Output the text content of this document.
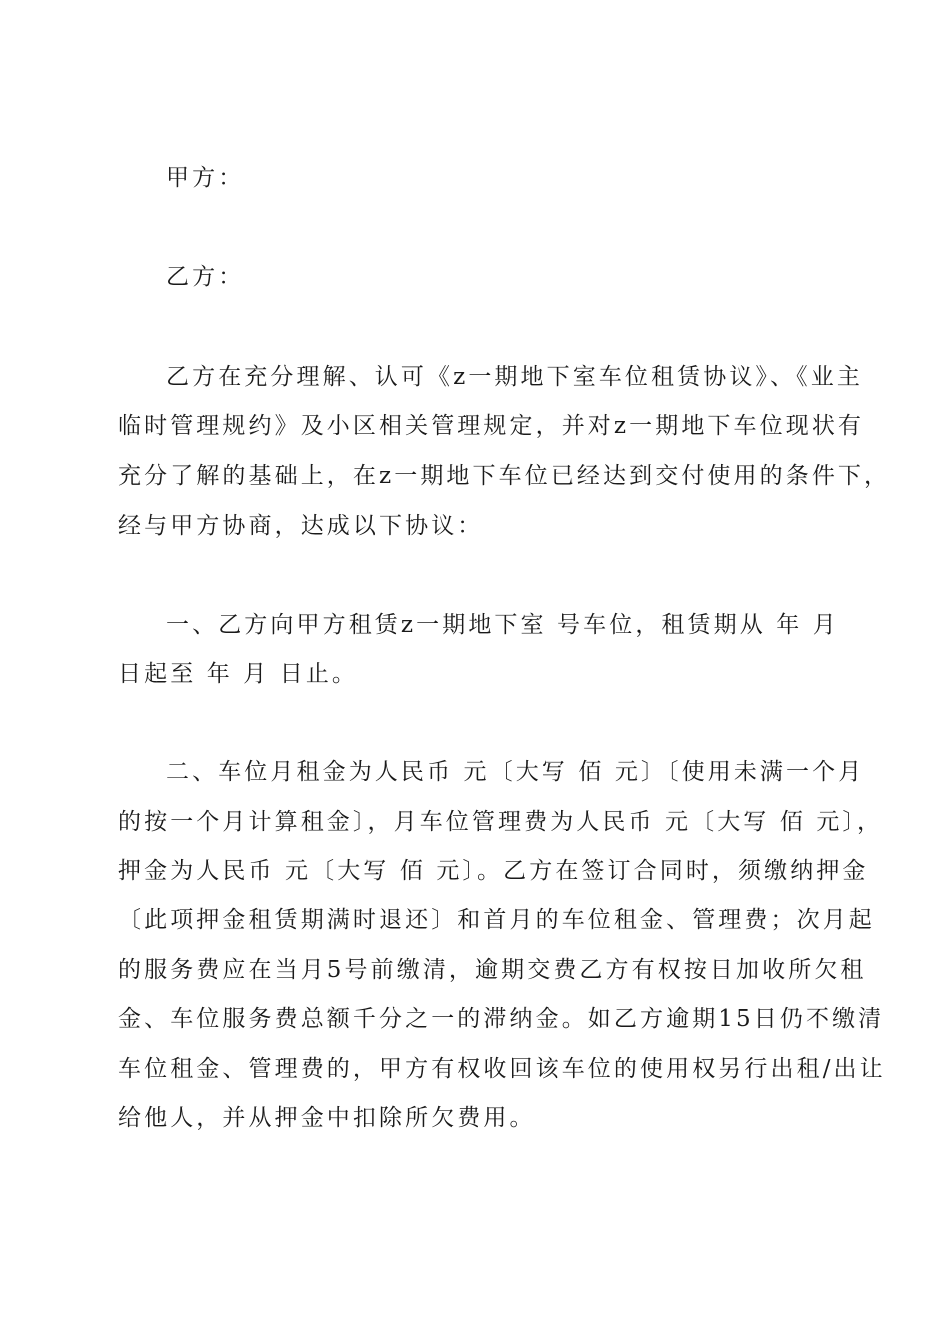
甲方：
乙方：
乙方在充分理解、认可《z一期地下室车位租赁协议》、《业主
临时管理规约》及小区相关管理规定，并对z一期地下车位现状有
充分了解的基础上，在z一期地下车位已经达到交付使用的条件下，
经与甲方协商，达成以下协议：
一、乙方向甲方租赁z一期地下室 号车位，租赁期从 年 月
日起至 年 月 日止。
二、车位月租金为人民币 元〔大写 佰 元〕〔使用未满一个月
的按一个月计算租金〕，月车位管理费为人民币 元〔大写 佰 元〕，
押金为人民币 元〔大写 佰 元〕。乙方在签订合同时，须缴纳押金
〔此项押金租赁期满时退还〕和首月的车位租金、管理费；次月起
的服务费应在当月5号前缴清，逾期交费乙方有权按日加收所欠租
金、车位服务费总额千分之一的滞纳金。如乙方逾期15日仍不缴清
车位租金、管理费的，甲方有权收回该车位的使用权另行出租/出让
给他人，并从押金中扣除所欠费用。
